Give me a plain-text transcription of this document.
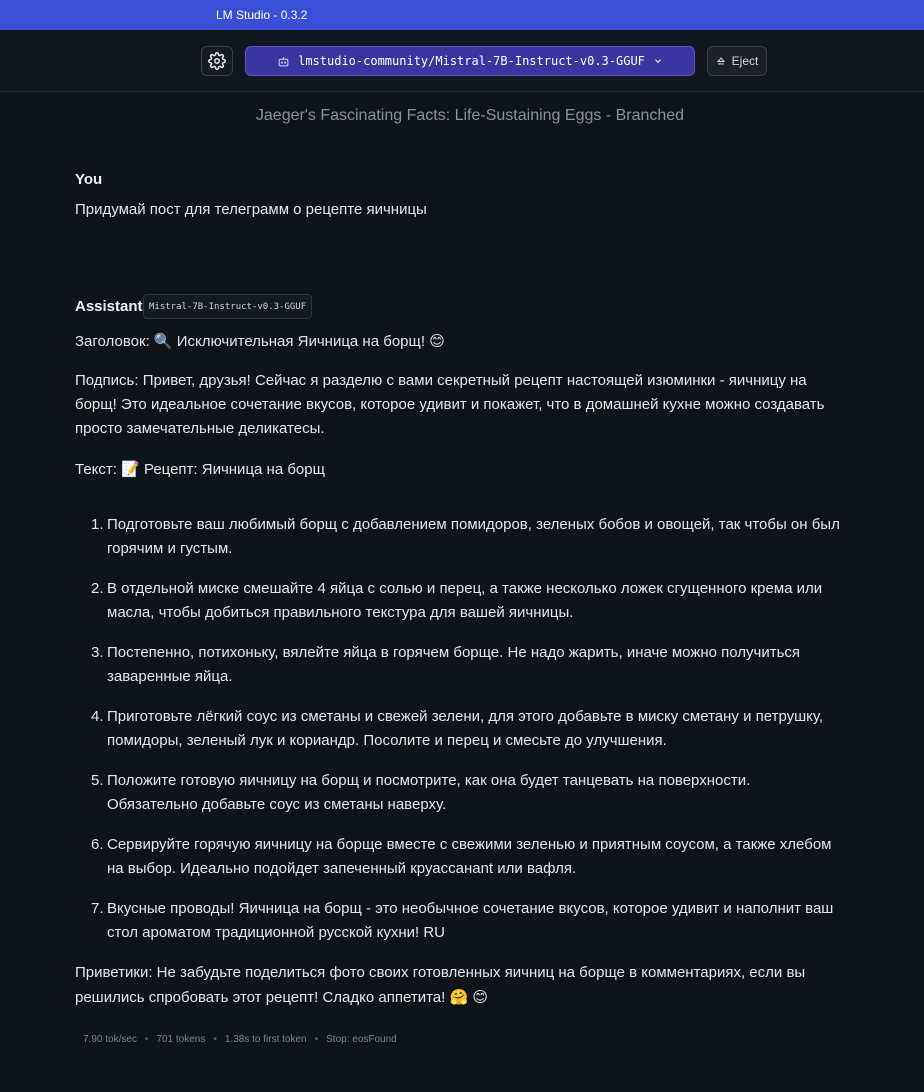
LM Studio - 0.3.2
lmstudio-community/Mistral-7B-Instruct-v0.3-GGUF	Eject
Jaeger's Fascinating Facts: Life-Sustaining Eggs - Branched
You
Придумай пост для телеграмм о рецепте яичницы
Assistant Mistral-7B-Instruct-v0.3-GGUF
Заголовок: 🔍 Исключительная Яичница на борщ! 😊
Подпись: Привет, друзья! Сейчас я разделю с вами секретный рецепт настоящей изюминки - яичницу на борщ! Это идеальное сочетание вкусов, которое удивит и покажет, что в домашней кухне можно создавать просто замечательные деликатесы.
Текст: 📝 Рецепт: Яичница на борщ
1. Подготовьте ваш любимый борщ с добавлением помидоров, зеленых бобов и овощей, так чтобы он был горячим и густым.
2. В отдельной миске смешайте 4 яйца с солью и перец, а также несколько ложек сгущенного крема или масла, чтобы добиться правильного текстура для вашей яичницы.
3. Постепенно, потихоньку, вялейте яйца в горячем борще. Не надо жарить, иначе можно получиться заваренные яйца.
4. Приготовьте лёгкий соус из сметаны и свежей зелени, для этого добавьте в миску сметану и петрушку, помидоры, зеленый лук и кориандр. Посолите и перец и смесьте до улучшения.
5. Положите готовую яичницу на борщ и посмотрите, как она будет танцевать на поверхности. Обязательно добавьте соус из сметаны наверху.
6. Сервируйте горячую яичницу на борще вместе с свежими зеленью и приятным соусом, а также хлебом на выбор. Идеально подойдет запеченный круассанant или вафля.
7. Вкусные проводы! Яичница на борщ - это необычное сочетание вкусов, которое удивит и наполнит ваш стол ароматом традиционной русской кухни! RU
Приветики: Не забудьте поделиться фото своих готовленных яичниц на борще в комментариях, если вы решились спробовать этот рецепт! Сладко аппетита! 🤗 😊
7.90 tok/sec • 701 tokens • 1.38s to first token • Stop: eosFound
